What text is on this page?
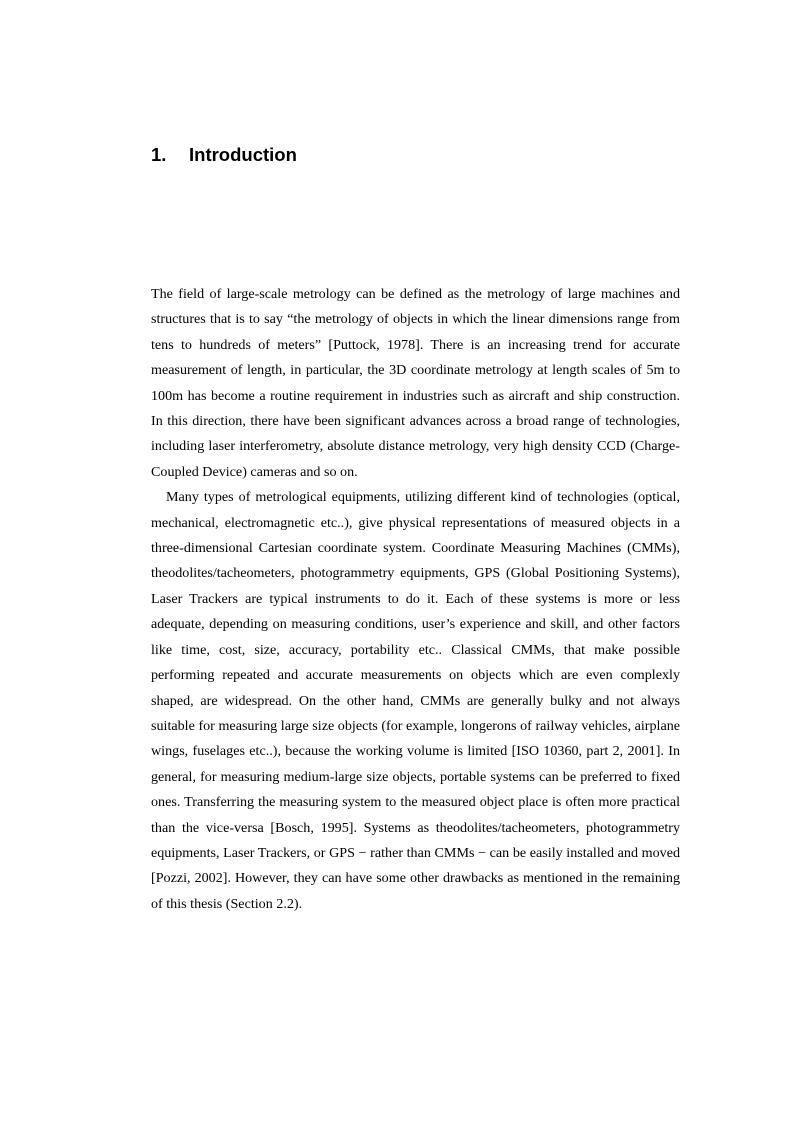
1. Introduction

The field of large-scale metrology can be defined as the metrology of large machines and structures that is to say “the metrology of objects in which the linear dimensions range from tens to hundreds of meters” [Puttock, 1978]. There is an increasing trend for accurate measurement of length, in particular, the 3D coordinate metrology at length scales of 5m to 100m has become a routine requirement in industries such as aircraft and ship construction. In this direction, there have been significant advances across a broad range of technologies, including laser interferometry, absolute distance metrology, very high density CCD (Charge-Coupled Device) cameras and so on.

Many types of metrological equipments, utilizing different kind of technologies (optical, mechanical, electromagnetic etc..), give physical representations of measured objects in a three-dimensional Cartesian coordinate system. Coordinate Measuring Machines (CMMs), theodolites/tacheometers, photogrammetry equipments, GPS (Global Positioning Systems), Laser Trackers are typical instruments to do it. Each of these systems is more or less adequate, depending on measuring conditions, user’s experience and skill, and other factors like time, cost, size, accuracy, portability etc.. Classical CMMs, that make possible performing repeated and accurate measurements on objects which are even complexly shaped, are widespread. On the other hand, CMMs are generally bulky and not always suitable for measuring large size objects (for example, longerons of railway vehicles, airplane wings, fuselages etc..), because the working volume is limited [ISO 10360, part 2, 2001]. In general, for measuring medium-large size objects, portable systems can be preferred to fixed ones. Transferring the measuring system to the measured object place is often more practical than the vice-versa [Bosch, 1995]. Systems as theodolites/tacheometers, photogrammetry equipments, Laser Trackers, or GPS − rather than CMMs − can be easily installed and moved [Pozzi, 2002]. However, they can have some other drawbacks as mentioned in the remaining of this thesis (Section 2.2).
